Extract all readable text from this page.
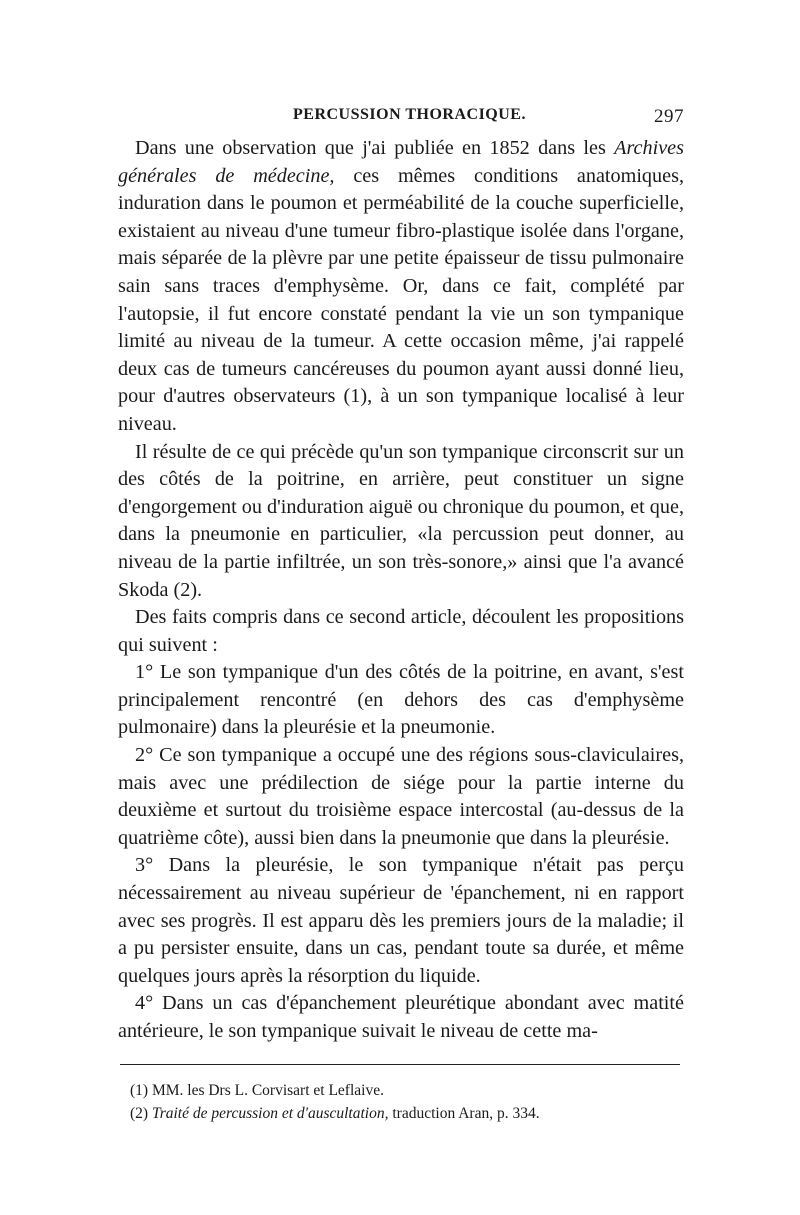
PERCUSSION THORACIQUE.	297

Dans une observation que j'ai publiée en 1852 dans les Archives générales de médecine, ces mêmes conditions anatomiques, induration dans le poumon et perméabilité de la couche superficielle, existaient au niveau d'une tumeur fibro-plastique isolée dans l'organe, mais séparée de la plèvre par une petite épaisseur de tissu pulmonaire sain sans traces d'emphysème. Or, dans ce fait, complété par l'autopsie, il fut encore constaté pendant la vie un son tympanique limité au niveau de la tumeur. A cette occasion même, j'ai rappelé deux cas de tumeurs cancéreuses du poumon ayant aussi donné lieu, pour d'autres observateurs (1), à un son tympanique localisé à leur niveau.

Il résulte de ce qui précède qu'un son tympanique circonscrit sur un des côtés de la poitrine, en arrière, peut constituer un signe d'engorgement ou d'induration aiguë ou chronique du poumon, et que, dans la pneumonie en particulier, «la percussion peut donner, au niveau de la partie infiltrée, un son très-sonore,» ainsi que l'a avancé Skoda (2).

Des faits compris dans ce second article, découlent les propositions qui suivent :

1° Le son tympanique d'un des côtés de la poitrine, en avant, s'est principalement rencontré (en dehors des cas d'emphysème pulmonaire) dans la pleurésie et la pneumonie.

2° Ce son tympanique a occupé une des régions sous-claviculaires, mais avec une prédilection de siége pour la partie interne du deuxième et surtout du troisième espace intercostal (au-dessus de la quatrième côte), aussi bien dans la pneumonie que dans la pleurésie.

3° Dans la pleurésie, le son tympanique n'était pas perçu nécessairement au niveau supérieur de 'épanchement, ni en rapport avec ses progrès. Il est apparu dès les premiers jours de la maladie; il a pu persister ensuite, dans un cas, pendant toute sa durée, et même quelques jours après la résorption du liquide.

4° Dans un cas d'épanchement pleurétique abondant avec matité antérieure, le son tympanique suivait le niveau de cette ma-

(1) MM. les Drs L. Corvisart et Leflaive.

(2) Traité de percussion et d'auscultation, traduction Aran, p. 334.
